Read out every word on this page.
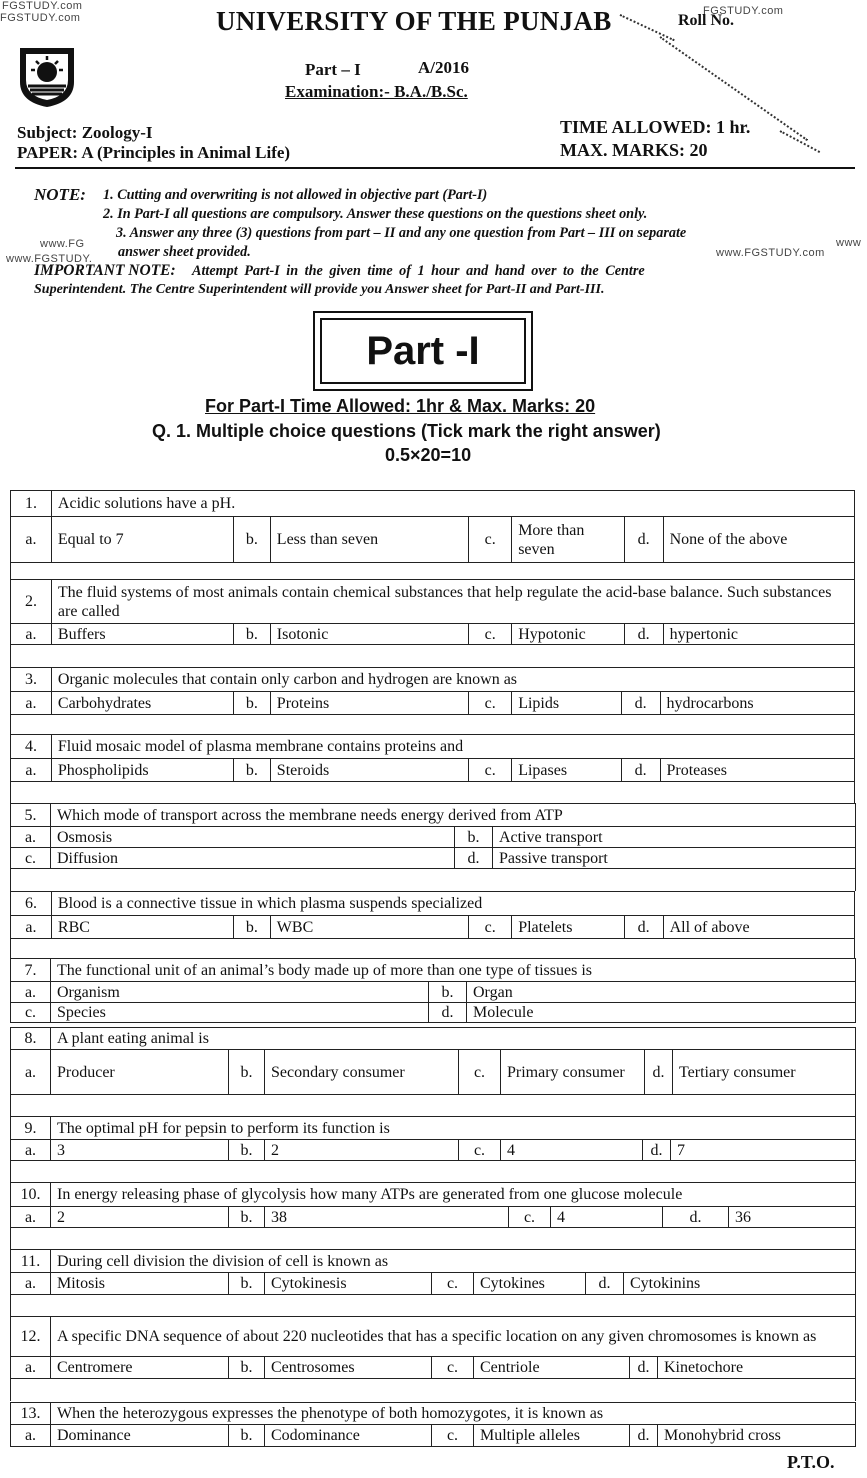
FGSTUDY.com
FGSTUDY.com
FGSTUDY.com
www.FG
www.FGSTUDY.	www.FGSTUDY.com
www
UNIVERSITY OF THE PUNJAB	Roll No.
Part – I	A/2016
Examination:- B.A./B.Sc.
Subject: Zoology-I
PAPER: A (Principles in Animal Life)
TIME ALLOWED: 1 hr.
MAX. MARKS: 20
NOTE: 1. Cutting and overwriting is not allowed in objective part (Part-I)
2. In Part-I all questions are compulsory. Answer these questions on the questions sheet only.
3. Answer any three (3) questions from part – II and any one question from Part – III on separate
answer sheet provided.
IMPORTANT NOTE: Attempt Part-I in the given time of 1 hour and hand over to the Centre
Superintendent. The Centre Superintendent will provide you Answer sheet for Part-II and Part-III.
Part -I
For Part-I Time Allowed: 1hr & Max. Marks: 20
Q. 1. Multiple choice questions (Tick mark the right answer)
0.5×20=10
1.	Acidic solutions have a pH.						
a.	Equal to 7	b.	Less than seven	c.	More than seven	d.	None of the above

2.	The fluid systems of most animals contain chemical substances that help regulate the acid-base balance. Such substances are called						
a.	Buffers	b.	Isotonic	c.	Hypotonic	d.	hypertonic

3.	Organic molecules that contain only carbon and hydrogen are known as						
a.	Carbohydrates	b.	Proteins	c.	Lipids	d.	hydrocarbons

4.	Fluid mosaic model of plasma membrane contains proteins and						
a.	Phospholipids	b.	Steroids	c.	Lipases	d.	Proteases

5.	Which mode of transport across the membrane needs energy derived from ATP		
a.	Osmosis	b.	Active transport
c.	Diffusion	d.	Passive transport

6.	Blood is a connective tissue in which plasma suspends specialized						
a.	RBC	b.	WBC	c.	Platelets	d.	All of above

7.	The functional unit of an animal’s body made up of more than one type of tissues is		
a.	Organism	b.	Organ
c.	Species	d.	Molecule
8.	A plant eating animal is						
a.	Producer	b.	Secondary consumer	c.	Primary consumer	d.	Tertiary consumer

9.	The optimal pH for pepsin to perform its function is						
a.	3	b.	2	c.	4	d.	7

10.	In energy releasing phase of glycolysis how many ATPs are generated from one glucose molecule						
a.	2	b.	38	c.	4	d.	36

11.	During cell division the division of cell is known as						
a.	Mitosis	b.	Cytokinesis	c.	Cytokines	d.	Cytokinins

12.	A specific DNA sequence of about 220 nucleotides that has a specific location on any given chromosomes is known as						
a.	Centromere	b.	Centrosomes	c.	Centriole	d.	Kinetochore

13.	When the heterozygous expresses the phenotype of both homozygotes, it is known as						
a.	Dominance	b.	Codominance	c.	Multiple alleles	d.	Monohybrid cross
P.T.O.
